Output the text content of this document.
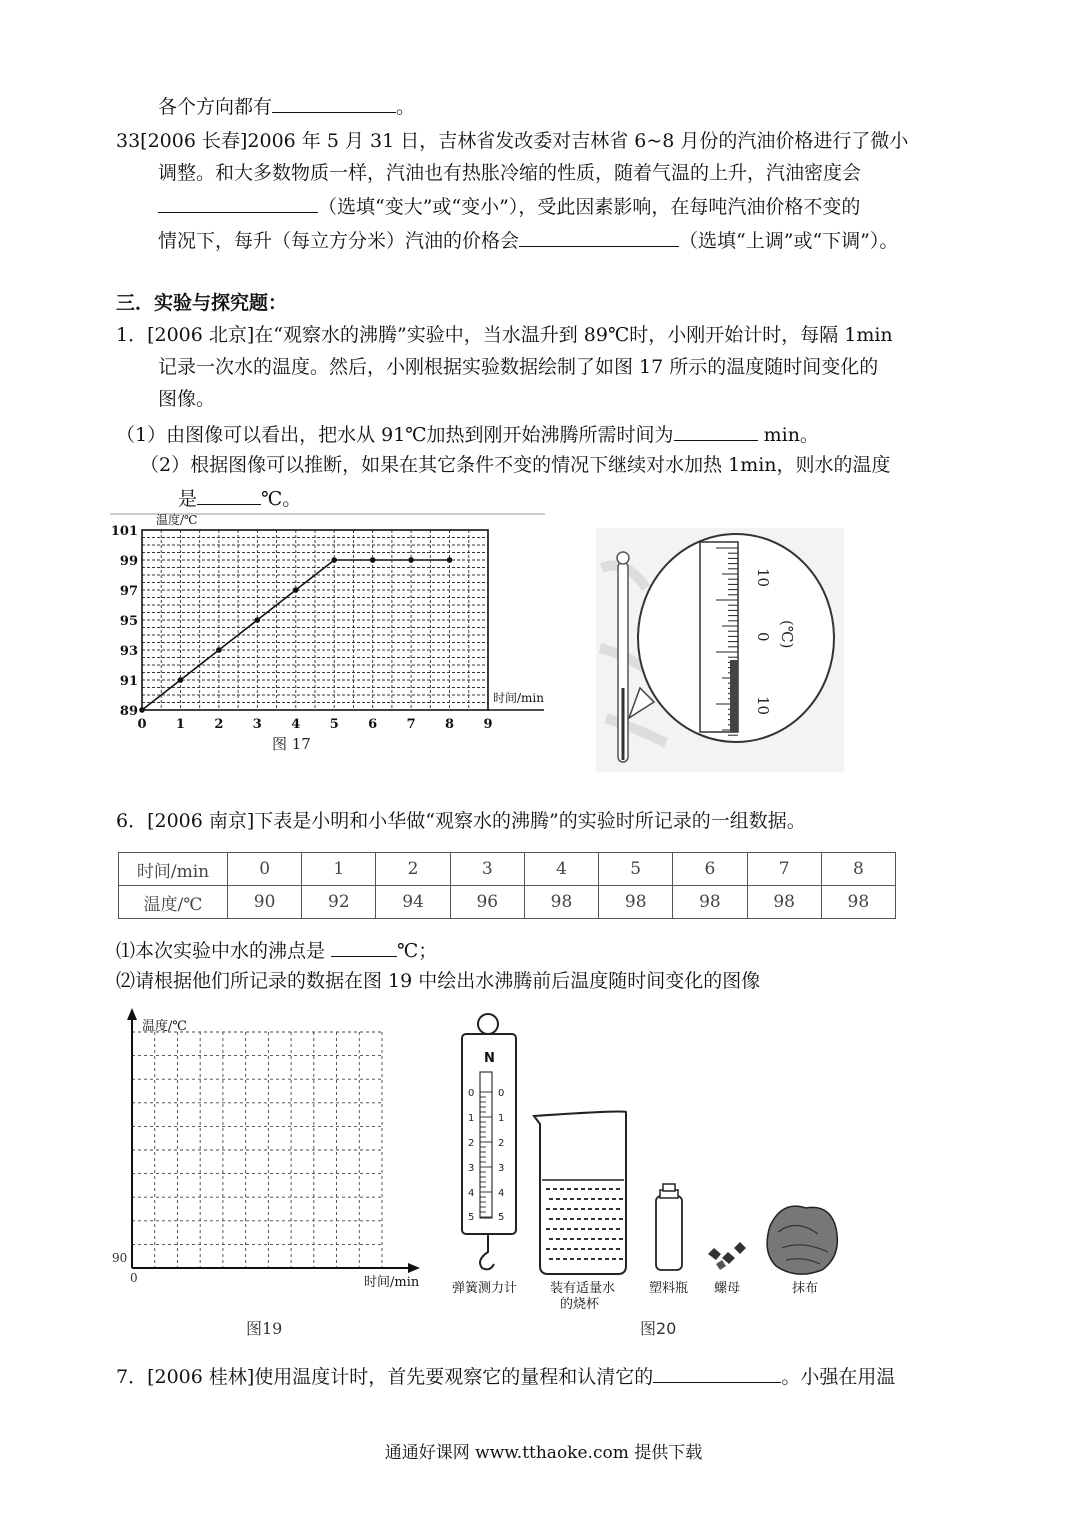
各个方向都有	。
33[2006 长春]2006 年 5 月 31 日，吉林省发改委对吉林省 6~8 月份的汽油价格进行了微小
调整。和大多数物质一样，汽油也有热胀冷缩的性质，随着气温的上升，汽油密度会
（选填“变大”或“变小”），受此因素影响，在每吨汽油价格不变的
情况下，每升（每立方分米）汽油的价格会	（选填“上调”或“下调”）。
三．实验与探究题：
1．[2006 北京]在“观察水的沸腾”实验中，当水温升到 89℃时，小刚开始计时，每隔 1min
记录一次水的温度。然后，小刚根据实验数据绘制了如图 17 所示的温度随时间变化的
图像。
（1）由图像可以看出，把水从 91℃加热到刚开始沸腾所需时间为	min。
（2）根据图像可以推断，如果在其它条件不变的情况下继续对水加热 1min，则水的温度
是	℃。
0 1 2 3 4 5 6 7 8 9
89
91
93
95
97
99
101
温度/℃
时间/min
图 17
10
0
10
(℃)
6．[2006 南京]下表是小明和小华做“观察水的沸腾”的实验时所记录的一组数据。
时间/min	0	1	2	3	4	5	6	7	8
温度/℃	90	92	94	96	98	98	98	98	98
⑴本次实验中水的沸点是	℃；
⑵请根据他们所记录的数据在图 19 中绘出水沸腾前后温度随时间变化的图像
温度/℃
时间/min
0
90
图19
N
0
1
2
3
4
5
0
1
2
3
4
5
弹簧测力计	装有适量水
的烧杯
塑料瓶 螺母	抹布
图20
7．[2006 桂林]使用温度计时，首先要观察它的量程和认清它的	。小强在用温
通通好课网 www.tthaoke.com 提供下载
